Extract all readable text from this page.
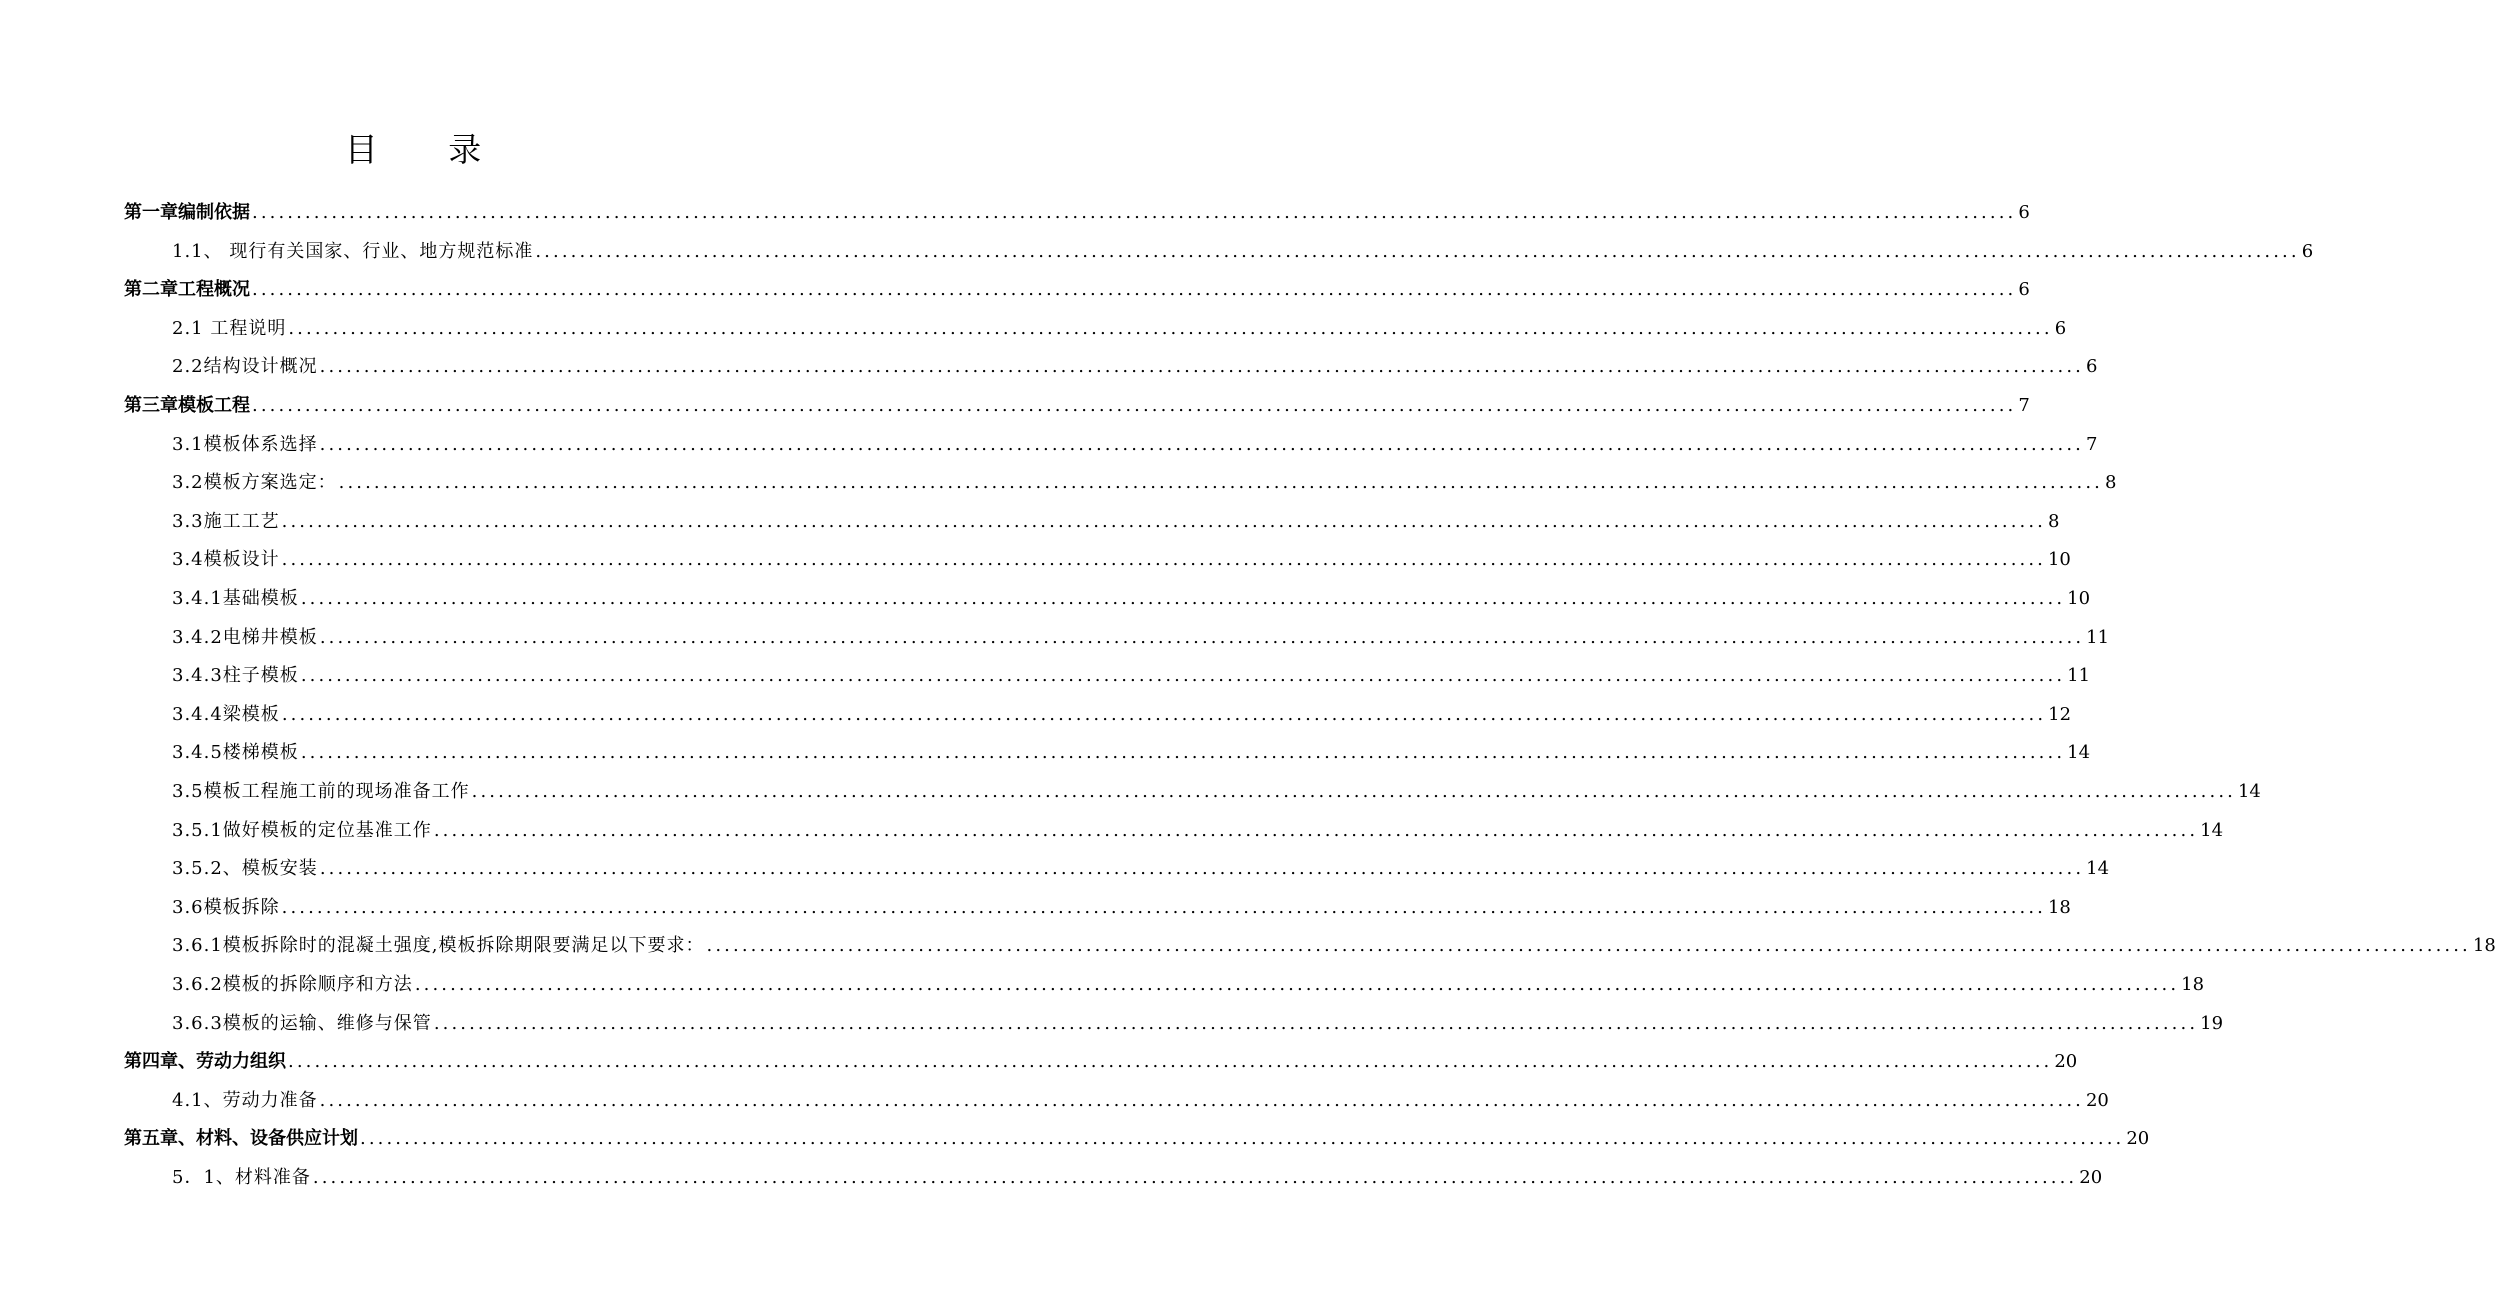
目 录
第一章编制依据 ........................................................................................................................................................................................................ 6
1.1、 现行有关国家、行业、地方规范标准 ........................................................................................................................................................................................................ 6
第二章工程概况 ........................................................................................................................................................................................................ 6
2.1 工程说明 ........................................................................................................................................................................................................ 6
2.2结构设计概况 ........................................................................................................................................................................................................ 6
第三章模板工程 ........................................................................................................................................................................................................ 7
3.1模板体系选择 ........................................................................................................................................................................................................ 7
3.2模板方案选定： ........................................................................................................................................................................................................ 8
3.3施工工艺 ........................................................................................................................................................................................................ 8
3.4模板设计 ........................................................................................................................................................................................................ 10
3.4.1基础模板 ........................................................................................................................................................................................................ 10
3.4.2电梯井模板 ........................................................................................................................................................................................................ 11
3.4.3柱子模板 ........................................................................................................................................................................................................ 11
3.4.4梁模板 ........................................................................................................................................................................................................ 12
3.4.5楼梯模板 ........................................................................................................................................................................................................ 14
3.5模板工程施工前的现场准备工作 ........................................................................................................................................................................................................ 14
3.5.1做好模板的定位基准工作 ........................................................................................................................................................................................................ 14
3.5.2、模板安装 ........................................................................................................................................................................................................ 14
3.6模板拆除 ........................................................................................................................................................................................................ 18
3.6.1模板拆除时的混凝土强度,模板拆除期限要满足以下要求： ........................................................................................................................................................................................................ 18
3.6.2模板的拆除顺序和方法 ........................................................................................................................................................................................................ 18
3.6.3模板的运输、维修与保管 ........................................................................................................................................................................................................ 19
第四章、劳动力组织 ........................................................................................................................................................................................................ 20
4.1、劳动力准备 ........................................................................................................................................................................................................ 20
第五章、材料、设备供应计划 ........................................................................................................................................................................................................ 20
5．1、材料准备 ........................................................................................................................................................................................................ 20
